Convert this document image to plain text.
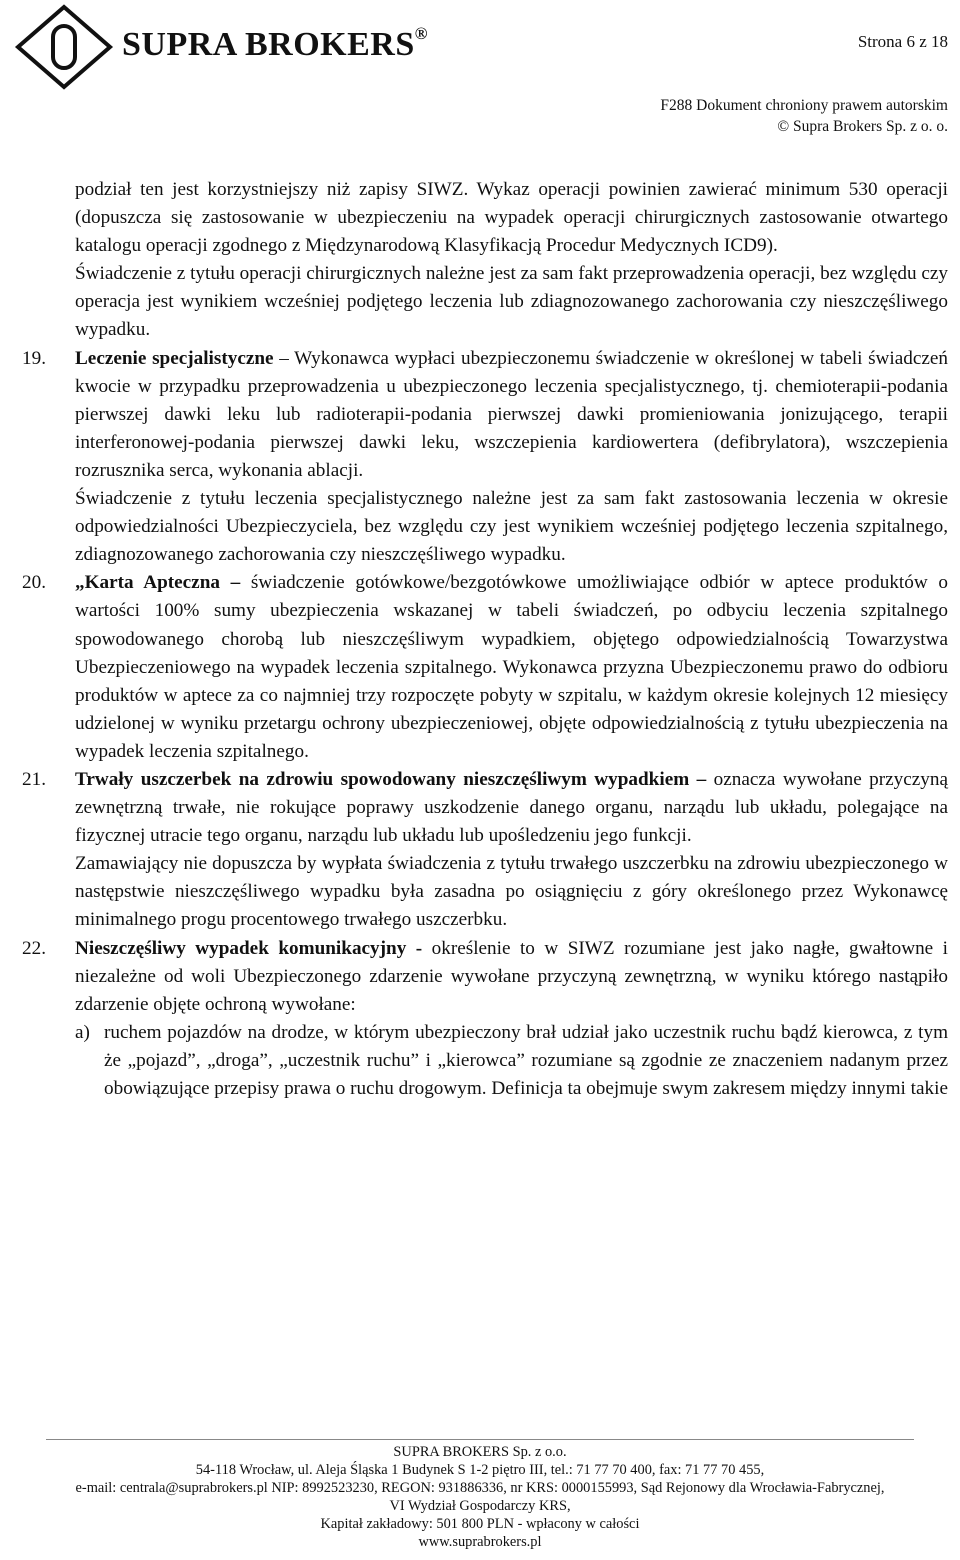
SUPRA BROKERS®	Strona 6 z 18
F288 Dokument chroniony prawem autorskim
© Supra Brokers Sp. z o. o.

podział ten jest korzystniejszy niż zapisy SIWZ. Wykaz operacji powinien zawierać minimum 530 operacji (dopuszcza się zastosowanie w ubezpieczeniu na wypadek operacji chirurgicznych zastosowanie otwartego katalogu operacji zgodnego z Międzynarodową Klasyfikacją Procedur Medycznych ICD9).

Świadczenie z tytułu operacji chirurgicznych należne jest za sam fakt przeprowadzenia operacji, bez względu czy operacja jest wynikiem wcześniej podjętego leczenia lub zdiagnozowanego zachorowania czy nieszczęśliwego wypadku.

19. Leczenie specjalistyczne – Wykonawca wypłaci ubezpieczonemu świadczenie w określonej w tabeli świadczeń kwocie w przypadku przeprowadzenia u ubezpieczonego leczenia specjalistycznego, tj. chemioterapii-podania pierwszej dawki leku lub radioterapii-podania pierwszej dawki promieniowania jonizującego, terapii interferonowej-podania pierwszej dawki leku, wszczepienia kardiowertera (defibrylatora), wszczepienia rozrusznika serca, wykonania ablacji.

Świadczenie z tytułu leczenia specjalistycznego należne jest za sam fakt zastosowania leczenia w okresie odpowiedzialności Ubezpieczyciela, bez względu czy jest wynikiem wcześniej podjętego leczenia szpitalnego, zdiagnozowanego zachorowania czy nieszczęśliwego wypadku.

20. „Karta Apteczna – świadczenie gotówkowe/bezgotówkowe umożliwiające odbiór w aptece produktów o wartości 100% sumy ubezpieczenia wskazanej w tabeli świadczeń, po odbyciu leczenia szpitalnego spowodowanego chorobą lub nieszczęśliwym wypadkiem, objętego odpowiedzialnością Towarzystwa Ubezpieczeniowego na wypadek leczenia szpitalnego. Wykonawca przyzna Ubezpieczonemu prawo do odbioru produktów w aptece za co najmniej trzy rozpoczęte pobyty w szpitalu, w każdym okresie kolejnych 12 miesięcy udzielonej w wyniku przetargu ochrony ubezpieczeniowej, objęte odpowiedzialnością z tytułu ubezpieczenia na wypadek leczenia szpitalnego.
21. Trwały uszczerbek na zdrowiu spowodowany nieszczęśliwym wypadkiem – oznacza wywołane przyczyną zewnętrzną trwałe, nie rokujące poprawy uszkodzenie danego organu, narządu lub układu, polegające na fizycznej utracie tego organu, narządu lub układu lub upośledzeniu jego funkcji.

Zamawiający nie dopuszcza by wypłata świadczenia z tytułu trwałego uszczerbku na zdrowiu ubezpieczonego w następstwie nieszczęśliwego wypadku była zasadna po osiągnięciu z góry określonego przez Wykonawcę minimalnego progu procentowego trwałego uszczerbku.

22. Nieszczęśliwy wypadek komunikacyjny - określenie to w SIWZ rozumiane jest jako nagłe, gwałtowne i niezależne od woli Ubezpieczonego zdarzenie wywołane przyczyną zewnętrzną, w wyniku którego nastąpiło zdarzenie objęte ochroną wywołane:
a) ruchem pojazdów na drodze, w którym ubezpieczony brał udział jako uczestnik ruchu bądź kierowca, z tym że „pojazd”, „droga”, „uczestnik ruchu” i „kierowca” rozumiane są zgodnie ze znaczeniem nadanym przez obowiązujące przepisy prawa o ruchu drogowym. Definicja ta obejmuje swym zakresem między innymi takie
SUPRA BROKERS Sp. z o.o.
54-118 Wrocław, ul. Aleja Śląska 1 Budynek S 1-2 piętro III, tel.: 71 77 70 400, fax: 71 77 70 455,
e-mail: centrala@suprabrokers.pl NIP: 8992523230, REGON: 931886336, nr KRS: 0000155993, Sąd Rejonowy dla Wrocławia-Fabrycznej,
VI Wydział Gospodarczy KRS,
Kapitał zakładowy: 501 800 PLN - wpłacony w całości
www.suprabrokers.pl
